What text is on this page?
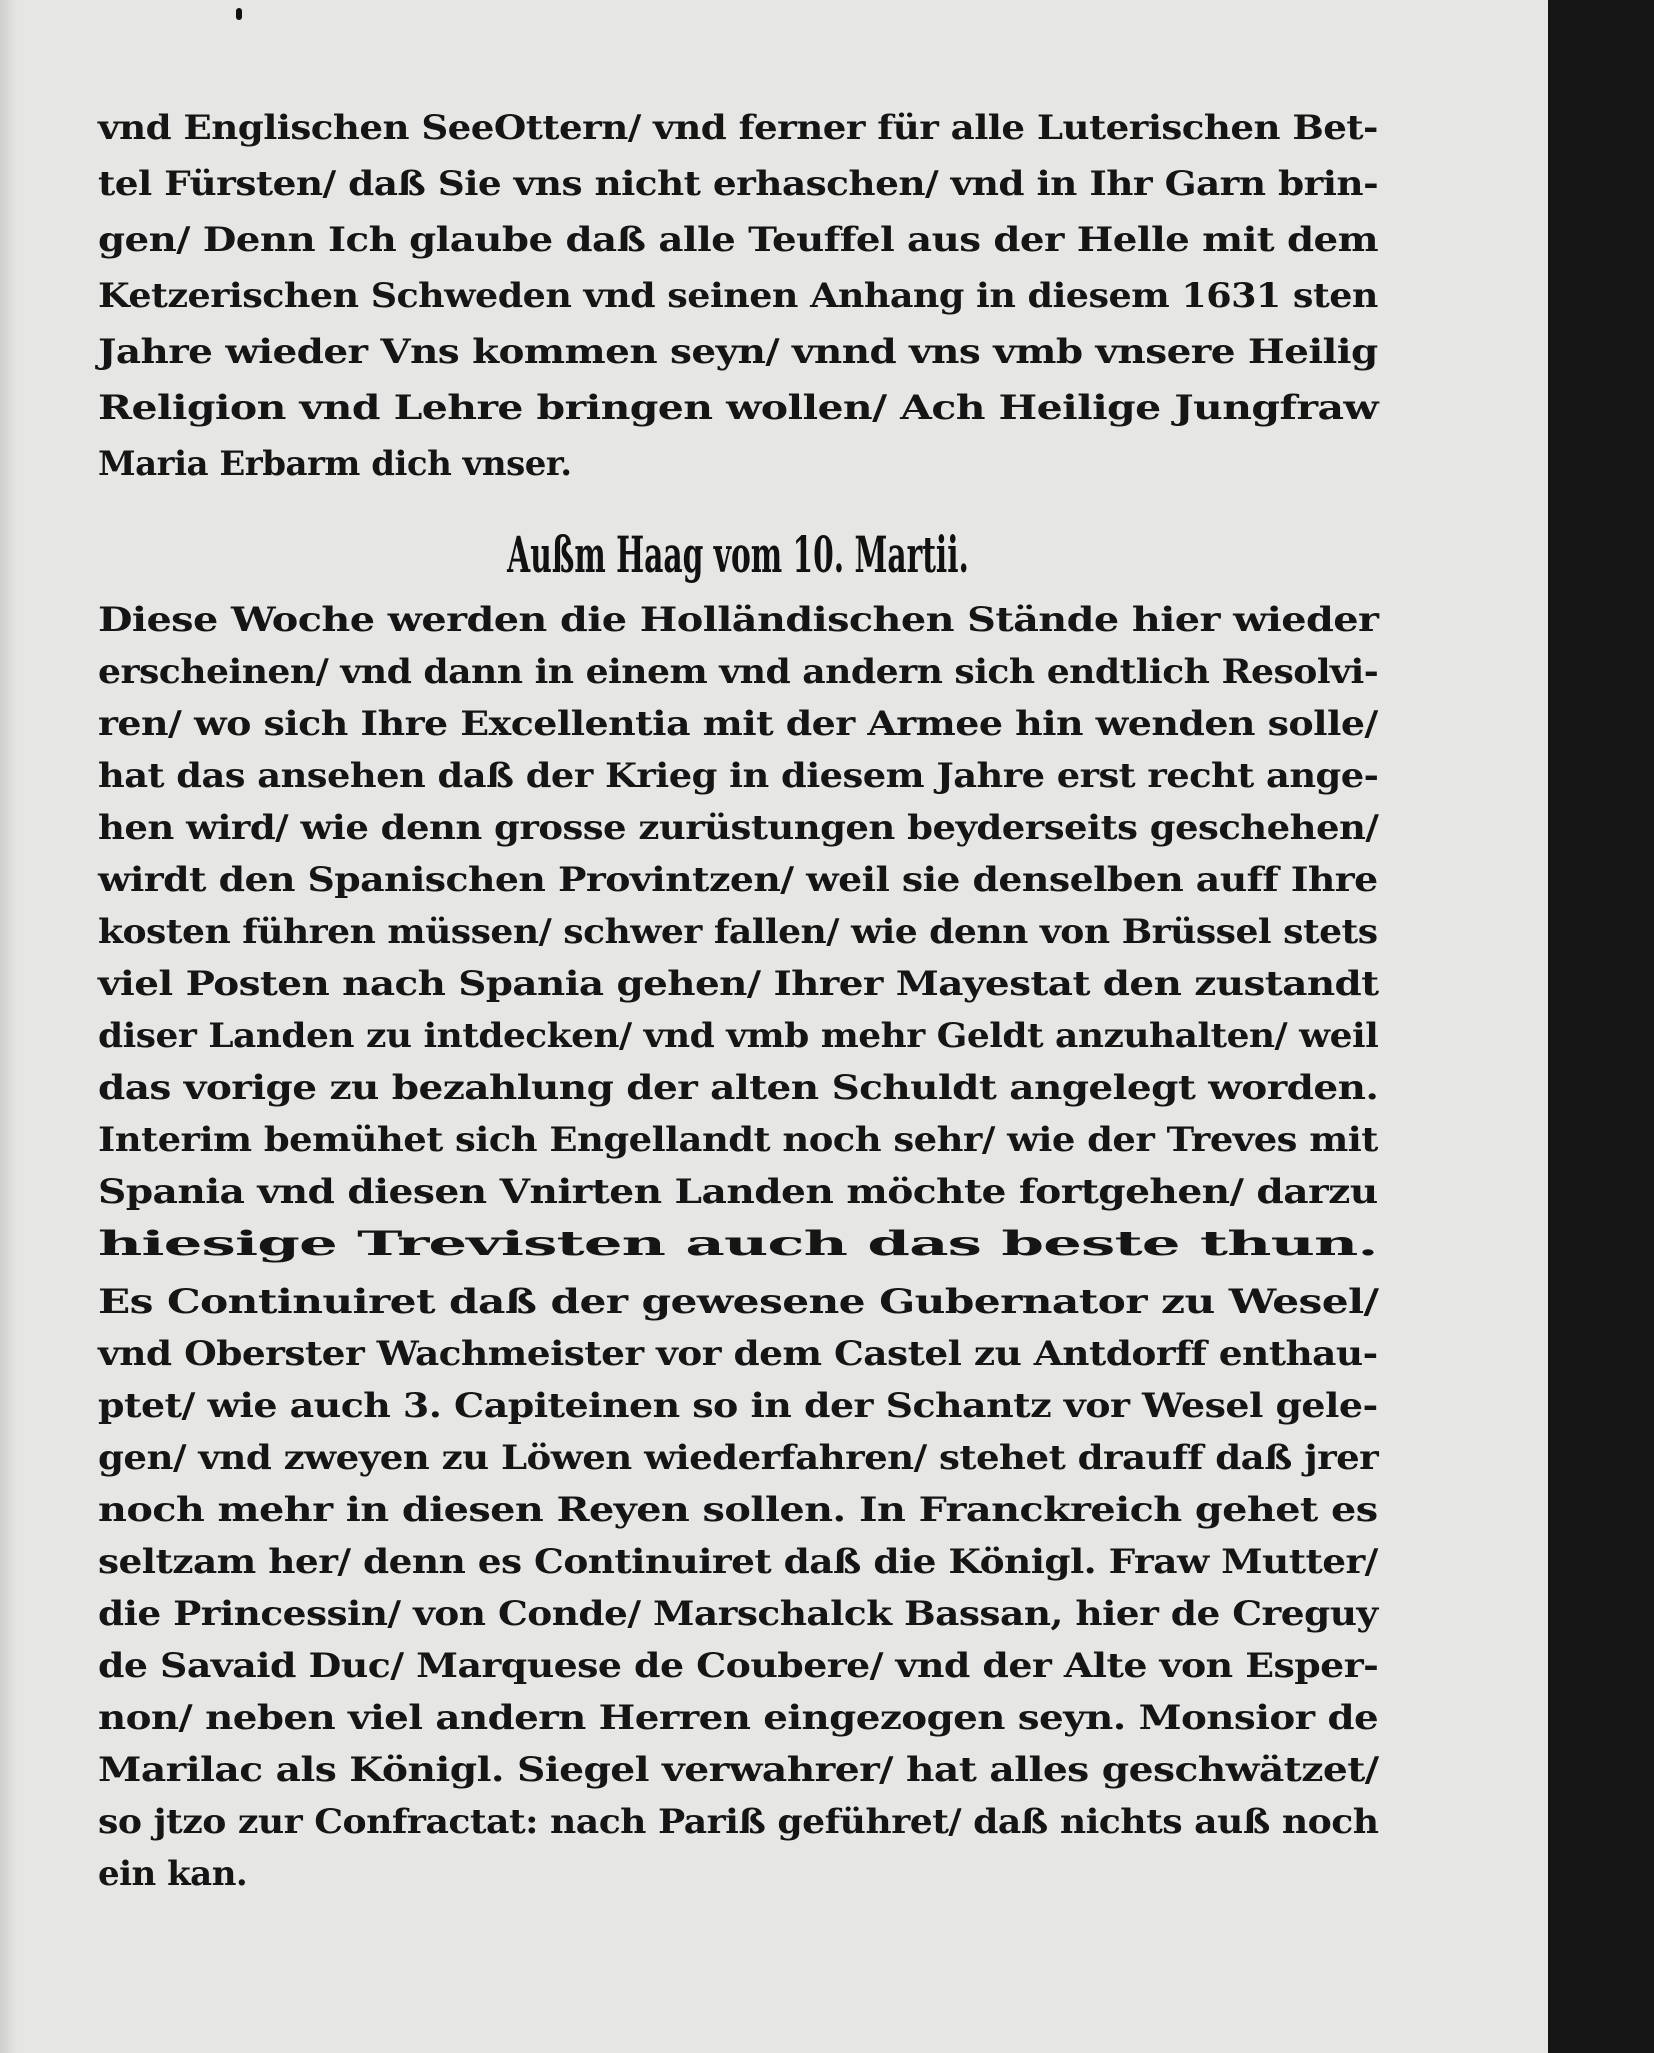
vnd Englischen SeeOttern/ vnd ferner für alle Luterischen Bet-
tel Fürsten/ daß Sie vns nicht erhaschen/ vnd in Ihr Garn brin-
gen/ Denn Ich glaube daß alle Teuffel aus der Helle mit dem
Ketzerischen Schweden vnd seinen Anhang in diesem 1631 sten
Jahre wieder Vns kommen seyn/ vnnd vns vmb vnsere Heilig
Religion vnd Lehre bringen wollen/ Ach Heilige Jungfraw
Maria Erbarm dich vnser.
Außm Haag vom 10. Martii.
Diese Woche werden die Holländischen Stände hier wieder
erscheinen/ vnd dann in einem vnd andern sich endtlich Resolvi-
ren/ wo sich Ihre Excellentia mit der Armee hin wenden solle/
hat das ansehen daß der Krieg in diesem Jahre erst recht ange-
hen wird/ wie denn grosse zurüstungen beyderseits geschehen/
wirdt den Spanischen Provintzen/ weil sie denselben auff Ihre
kosten führen müssen/ schwer fallen/ wie denn von Brüssel stets
viel Posten nach Spania gehen/ Ihrer Mayestat den zustandt
diser Landen zu intdecken/ vnd vmb mehr Geldt anzuhalten/ weil
das vorige zu bezahlung der alten Schuldt angelegt worden.
Interim bemühet sich Engellandt noch sehr/ wie der Treves mit
Spania vnd diesen Vnirten Landen möchte fortgehen/ darzu
hiesige Trevisten auch das beste thun.
Es Continuiret daß der gewesene Gubernator zu Wesel/
vnd Oberster Wachmeister vor dem Castel zu Antdorff enthau-
ptet/ wie auch 3. Capiteinen so in der Schantz vor Wesel gele-
gen/ vnd zweyen zu Löwen wiederfahren/ stehet drauff daß jrer
noch mehr in diesen Reyen sollen. In Franckreich gehet es
seltzam her/ denn es Continuiret daß die Königl. Fraw Mutter/
die Princessin/ von Conde/ Marschalck Bassan, hier de Creguy
de Savaid Duc/ Marquese de Coubere/ vnd der Alte von Esper-
non/ neben viel andern Herren eingezogen seyn. Monsior de
Marilac als Königl. Siegel verwahrer/ hat alles geschwätzet/
so jtzo zur Confractat: nach Pariß geführet/ daß nichts auß noch
ein kan.
